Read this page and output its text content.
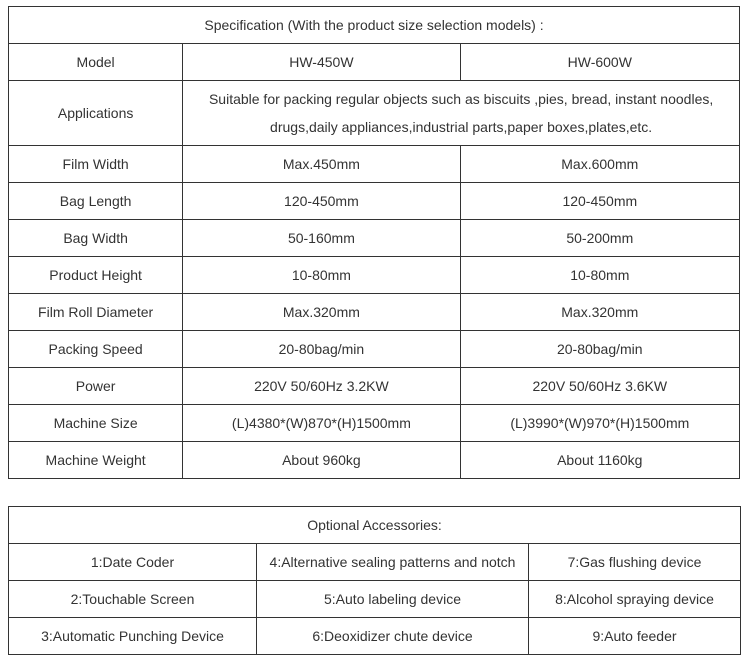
Specification (With the product size selection models) :		
Model	HW-450W	HW-600W
Applications	Suitable for packing regular objects such as biscuits ,pies, bread, instant noodles,
drugs,daily appliances,industrial parts,paper boxes,plates,etc.	

Film Width	Max.450mm	Max.600mm
Bag Length	120-450mm	120-450mm
Bag Width	50-160mm	50-200mm
Product Height	10-80mm	10-80mm
Film Roll Diameter	Max.320mm	Max.320mm
Packing Speed	20-80bag/min	20-80bag/min
Power	220V 50/60Hz 3.2KW	220V 50/60Hz 3.6KW
Machine Size	(L)4380*(W)870*(H)1500mm	(L)3990*(W)970*(H)1500mm
Machine Weight	About 960kg	About 1160kg
Optional Accessories:		
1:Date Coder	4:Alternative sealing patterns and notch	7:Gas flushing device
2:Touchable Screen	5:Auto labeling device	8:Alcohol spraying device
3:Automatic Punching Device	6:Deoxidizer chute device	9:Auto feeder
